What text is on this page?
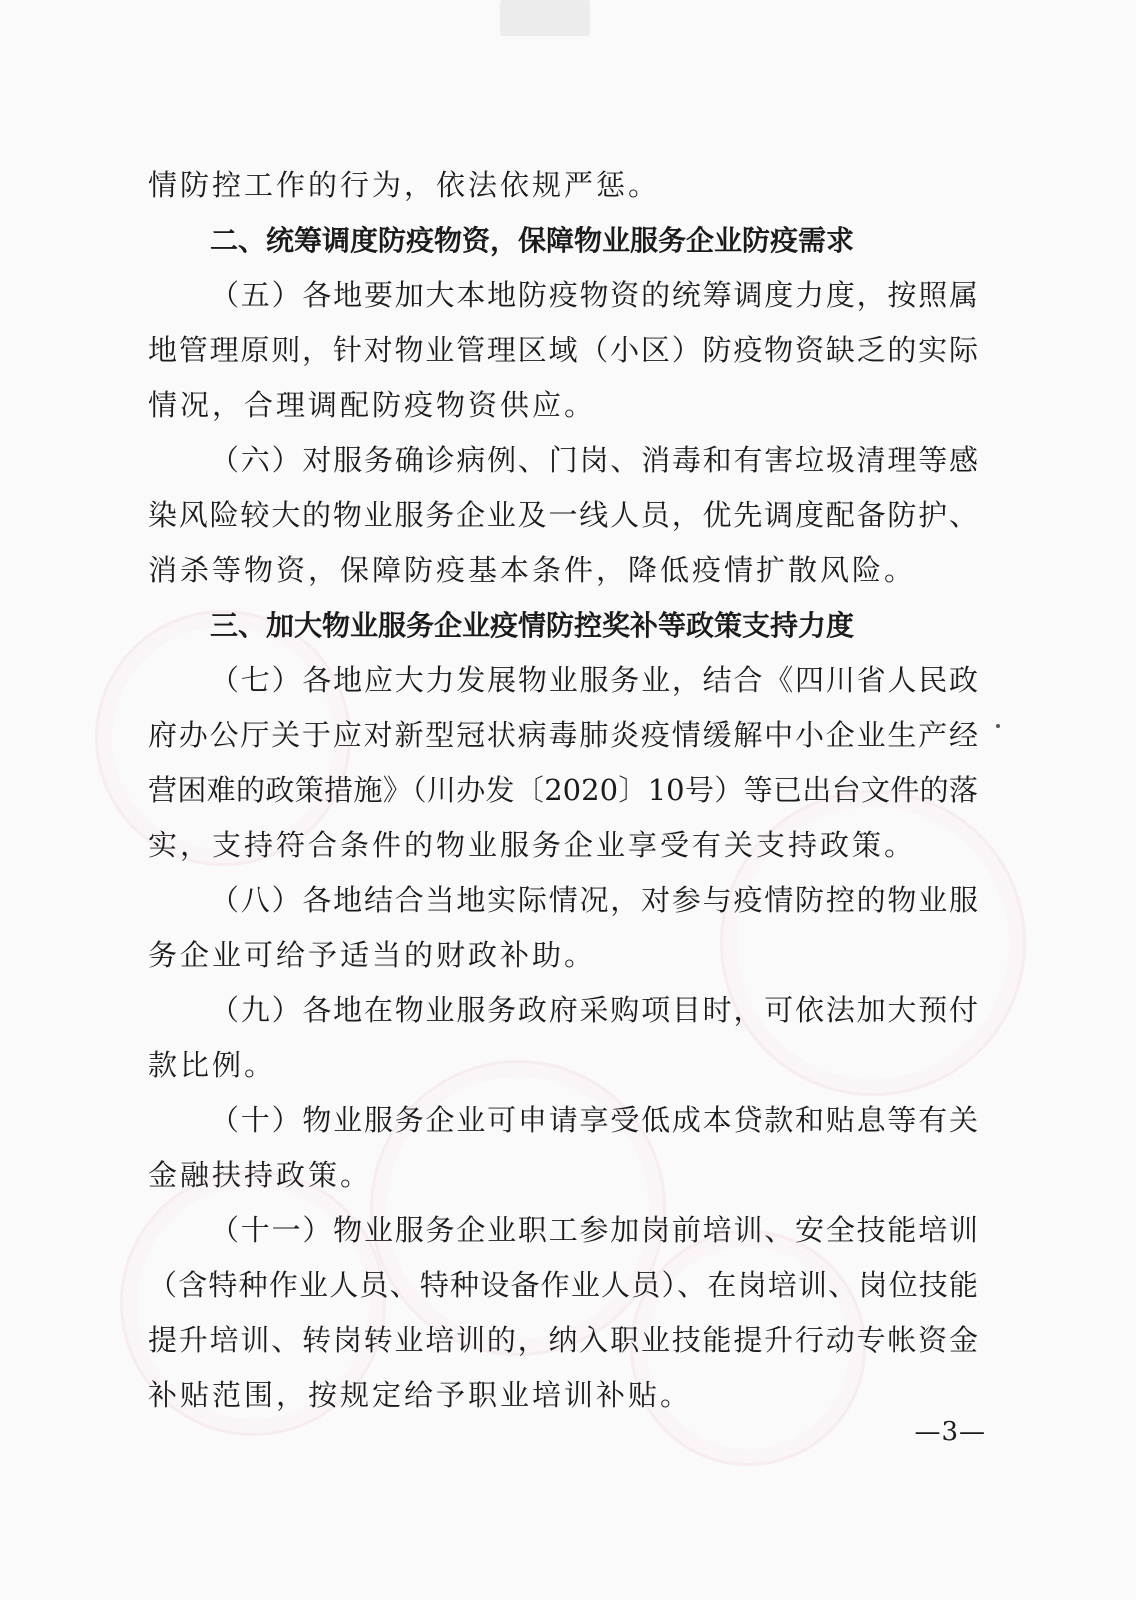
情防控工作的行为，依法依规严惩。
二、统筹调度防疫物资，保障物业服务企业防疫需求
（五）各地要加大本地防疫物资的统筹调度力度，按照属
地管理原则，针对物业管理区域（小区）防疫物资缺乏的实际
情况，合理调配防疫物资供应。
（六）对服务确诊病例、门岗、消毒和有害垃圾清理等感
染风险较大的物业服务企业及一线人员，优先调度配备防护、
消杀等物资，保障防疫基本条件，降低疫情扩散风险。
三、加大物业服务企业疫情防控奖补等政策支持力度
（七）各地应大力发展物业服务业，结合《四川省人民政
府办公厅关于应对新型冠状病毒肺炎疫情缓解中小企业生产经
营困难的政策措施》（川办发〔2020〕10号）等已出台文件的落
实，支持符合条件的物业服务企业享受有关支持政策。
（八）各地结合当地实际情况，对参与疫情防控的物业服
务企业可给予适当的财政补助。
（九）各地在物业服务政府采购项目时，可依法加大预付
款比例。
（十）物业服务企业可申请享受低成本贷款和贴息等有关
金融扶持政策。
（十一）物业服务企业职工参加岗前培训、安全技能培训
（含特种作业人员、特种设备作业人员）、在岗培训、岗位技能
提升培训、转岗转业培训的，纳入职业技能提升行动专帐资金
补贴范围，按规定给予职业培训补贴。
—3—
